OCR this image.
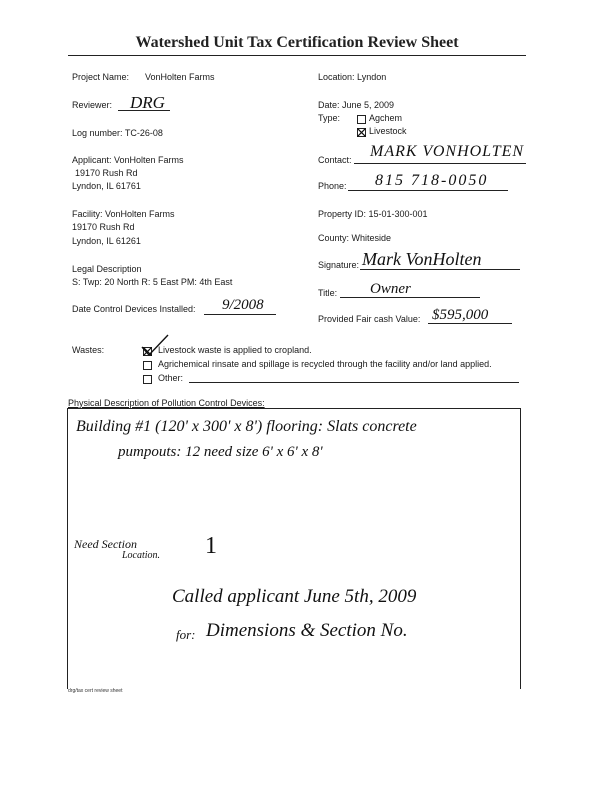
Watershed Unit Tax Certification Review Sheet
Project Name: VonHolten Farms
Reviewer: DRG
Log number: TC-26-08
Applicant: VonHolten Farms
19170 Rush Rd
Lyndon, IL 61761
Facility: VonHolten Farms
19170 Rush Rd
Lyndon, IL 61261
Legal Description
S: Twp: 20 North R: 5 East PM: 4th East
Date Control Devices Installed: 9/2008
Location: Lyndon
Date: June 5, 2009
Type:	Agchem
Livestock
Contact: MARK VONHOLTEN
Phone: 815 718-0050
Property ID: 15-01-300-001
County: Whiteside
Signature: Mark VonHolten
Title: Owner
Provided Fair cash Value: $595,000
Wastes:	Livestock waste is applied to cropland.
Agrichemical rinsate and spillage is recycled through the facility and/or land applied.
Other:
Physical Description of Pollution Control Devices:
Building #1 (120' x 300' x 8') flooring: Slats concrete
pumpouts: 12 need size 6' x 6' x 8'
Need Section
Location. 1
Called applicant June 5th, 2009
for: Dimensions & Section No.
drg/tax cert review sheet
